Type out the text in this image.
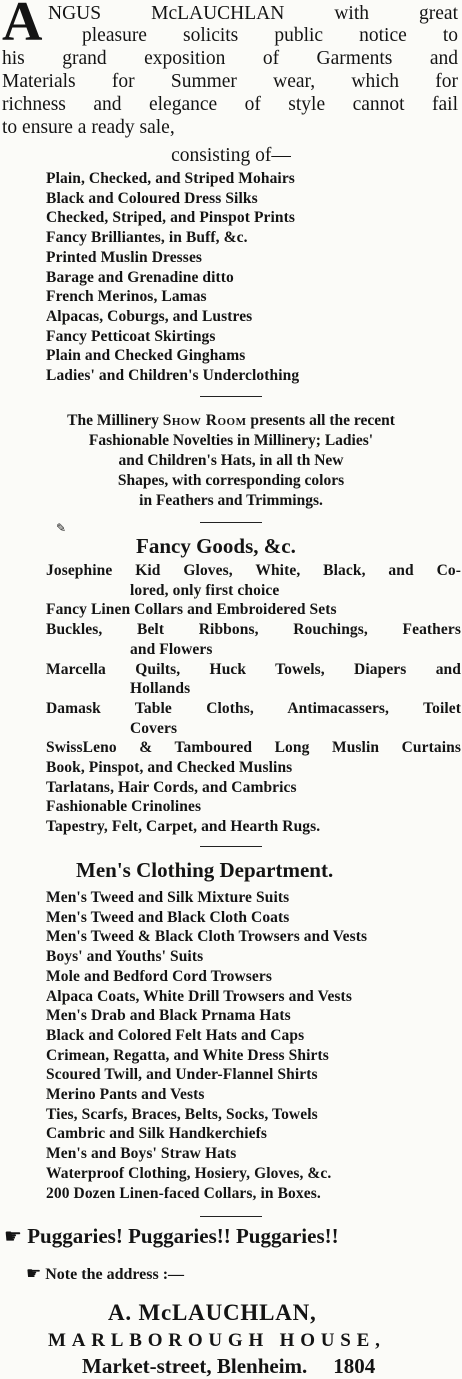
A NGUS McLAUCHLAN with great
pleasure solicits public notice to
his grand exposition of Garments and
Materials for Summer wear, which for
richness and elegance of style cannot fail
to ensure a ready sale,
consisting of—
Plain, Checked, and Striped Mohairs
Black and Coloured Dress Silks
Checked, Striped, and Pinspot Prints
Fancy Brilliantes, in Buff, &c.
Printed Muslin Dresses
Barage and Grenadine ditto
French Merinos, Lamas
Alpacas, Coburgs, and Lustres
Fancy Petticoat Skirtings
Plain and Checked Ginghams
Ladies' and Children's Underclothing
The Millinery Show Room presents all the recent
Fashionable Novelties in Millinery; Ladies'
and Children's Hats, in all th New
Shapes, with corresponding colors
in Feathers and Trimmings.
✎
Fancy Goods, &c.
Josephine Kid Gloves, White, Black, and Co-
lored, only first choice
Fancy Linen Collars and Embroidered Sets
Buckles, Belt Ribbons, Rouchings, Feathers
and Flowers
Marcella Quilts, Huck Towels, Diapers and
Hollands
Damask Table Cloths, Antimacassers, Toilet
Covers
SwissLeno & Tamboured Long Muslin Curtains
Book, Pinspot, and Checked Muslins
Tarlatans, Hair Cords, and Cambrics
Fashionable Crinolines
Tapestry, Felt, Carpet, and Hearth Rugs.
Men's Clothing Department.
Men's Tweed and Silk Mixture Suits
Men's Tweed and Black Cloth Coats
Men's Tweed & Black Cloth Trowsers and Vests
Boys' and Youths' Suits
Mole and Bedford Cord Trowsers
Alpaca Coats, White Drill Trowsers and Vests
Men's Drab and Black Prnama Hats
Black and Colored Felt Hats and Caps
Crimean, Regatta, and White Dress Shirts
Scoured Twill, and Under-Flannel Shirts
Merino Pants and Vests
Ties, Scarfs, Braces, Belts, Socks, Towels
Cambric and Silk Handkerchiefs
Men's and Boys' Straw Hats
Waterproof Clothing, Hosiery, Gloves, &c.
200 Dozen Linen-faced Collars, in Boxes.
☛ Puggaries! Puggaries!! Puggaries!!
☛ Note the address :—
A. McLAUCHLAN,
MARLBOROUGH HOUSE,
Market-street, Blenheim. 1804
